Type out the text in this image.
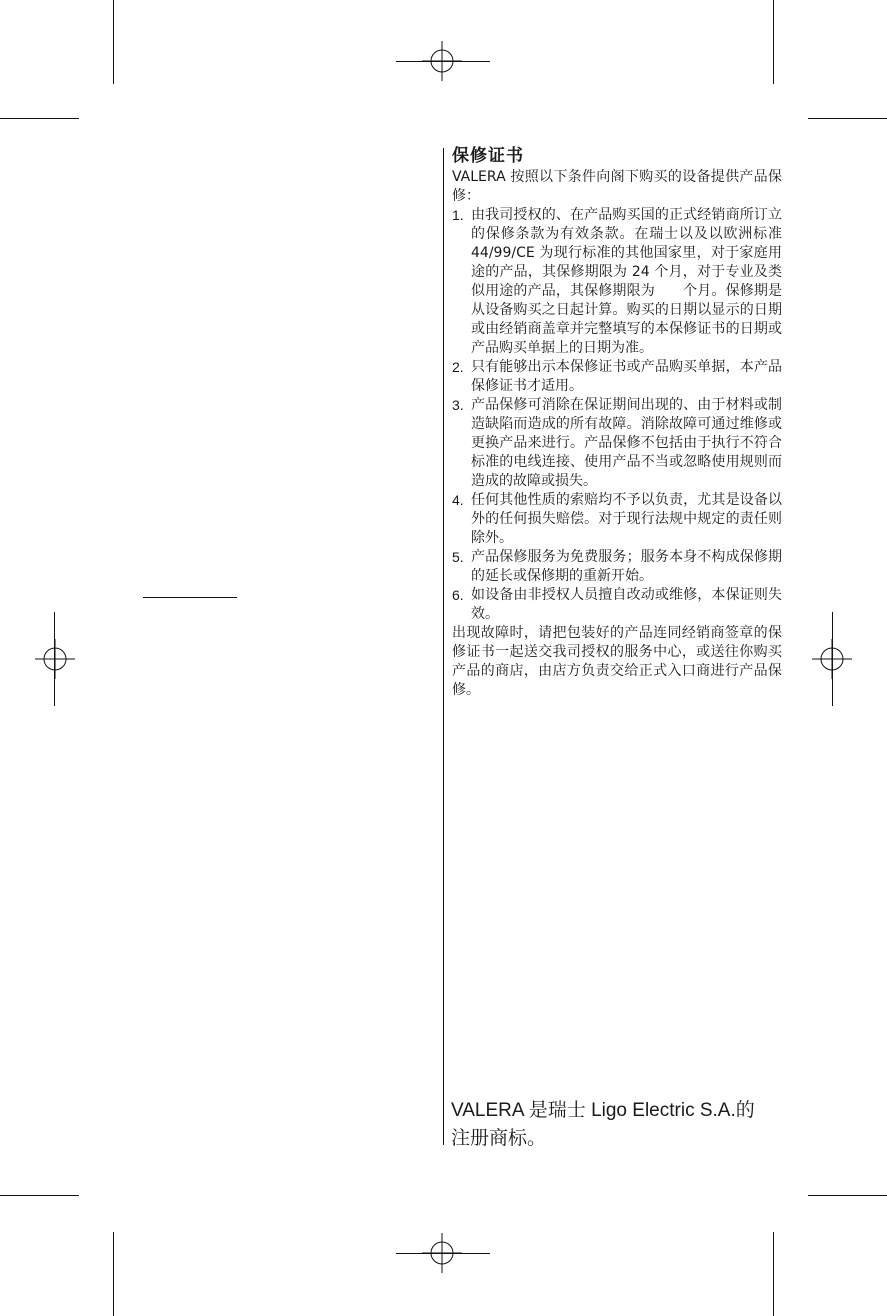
保修证书

VALERA 按照以下条件向阁下购买的设备提供产品保修：

1. 由我司授权的、在产品购买国的正式经销商所订立的保修条款为有效条款。在瑞士以及以欧洲标准 44/99/CE 为现行标准的其他国家里，对于家庭用途的产品，其保修期限为 24 个月，对于专业及类似用途的产品，其保修期限为　　个月。保修期是从设备购买之日起计算。购买的日期以显示的日期或由经销商盖章并完整填写的本保修证书的日期或产品购买单据上的日期为准。
2. 只有能够出示本保修证书或产品购买单据，本产品保修证书才适用。
3. 产品保修可消除在保证期间出现的、由于材料或制造缺陷而造成的所有故障。消除故障可通过维修或更换产品来进行。产品保修不包括由于执行不符合标准的电线连接、使用产品不当或忽略使用规则而造成的故障或损失。
4. 任何其他性质的索赔均不予以负责，尤其是设备以外的任何损失赔偿。对于现行法规中规定的责任则除外。
5. 产品保修服务为免费服务；服务本身不构成保修期的延长或保修期的重新开始。
6. 如设备由非授权人员擅自改动或维修，本保证则失效。

出现故障时，请把包装好的产品连同经销商签章的保修证书一起送交我司授权的服务中心，或送往你购买产品的商店，由店方负责交给正式入口商进行产品保修。

VALERA 是瑞士 Ligo Electric S.A.的注册商标。
